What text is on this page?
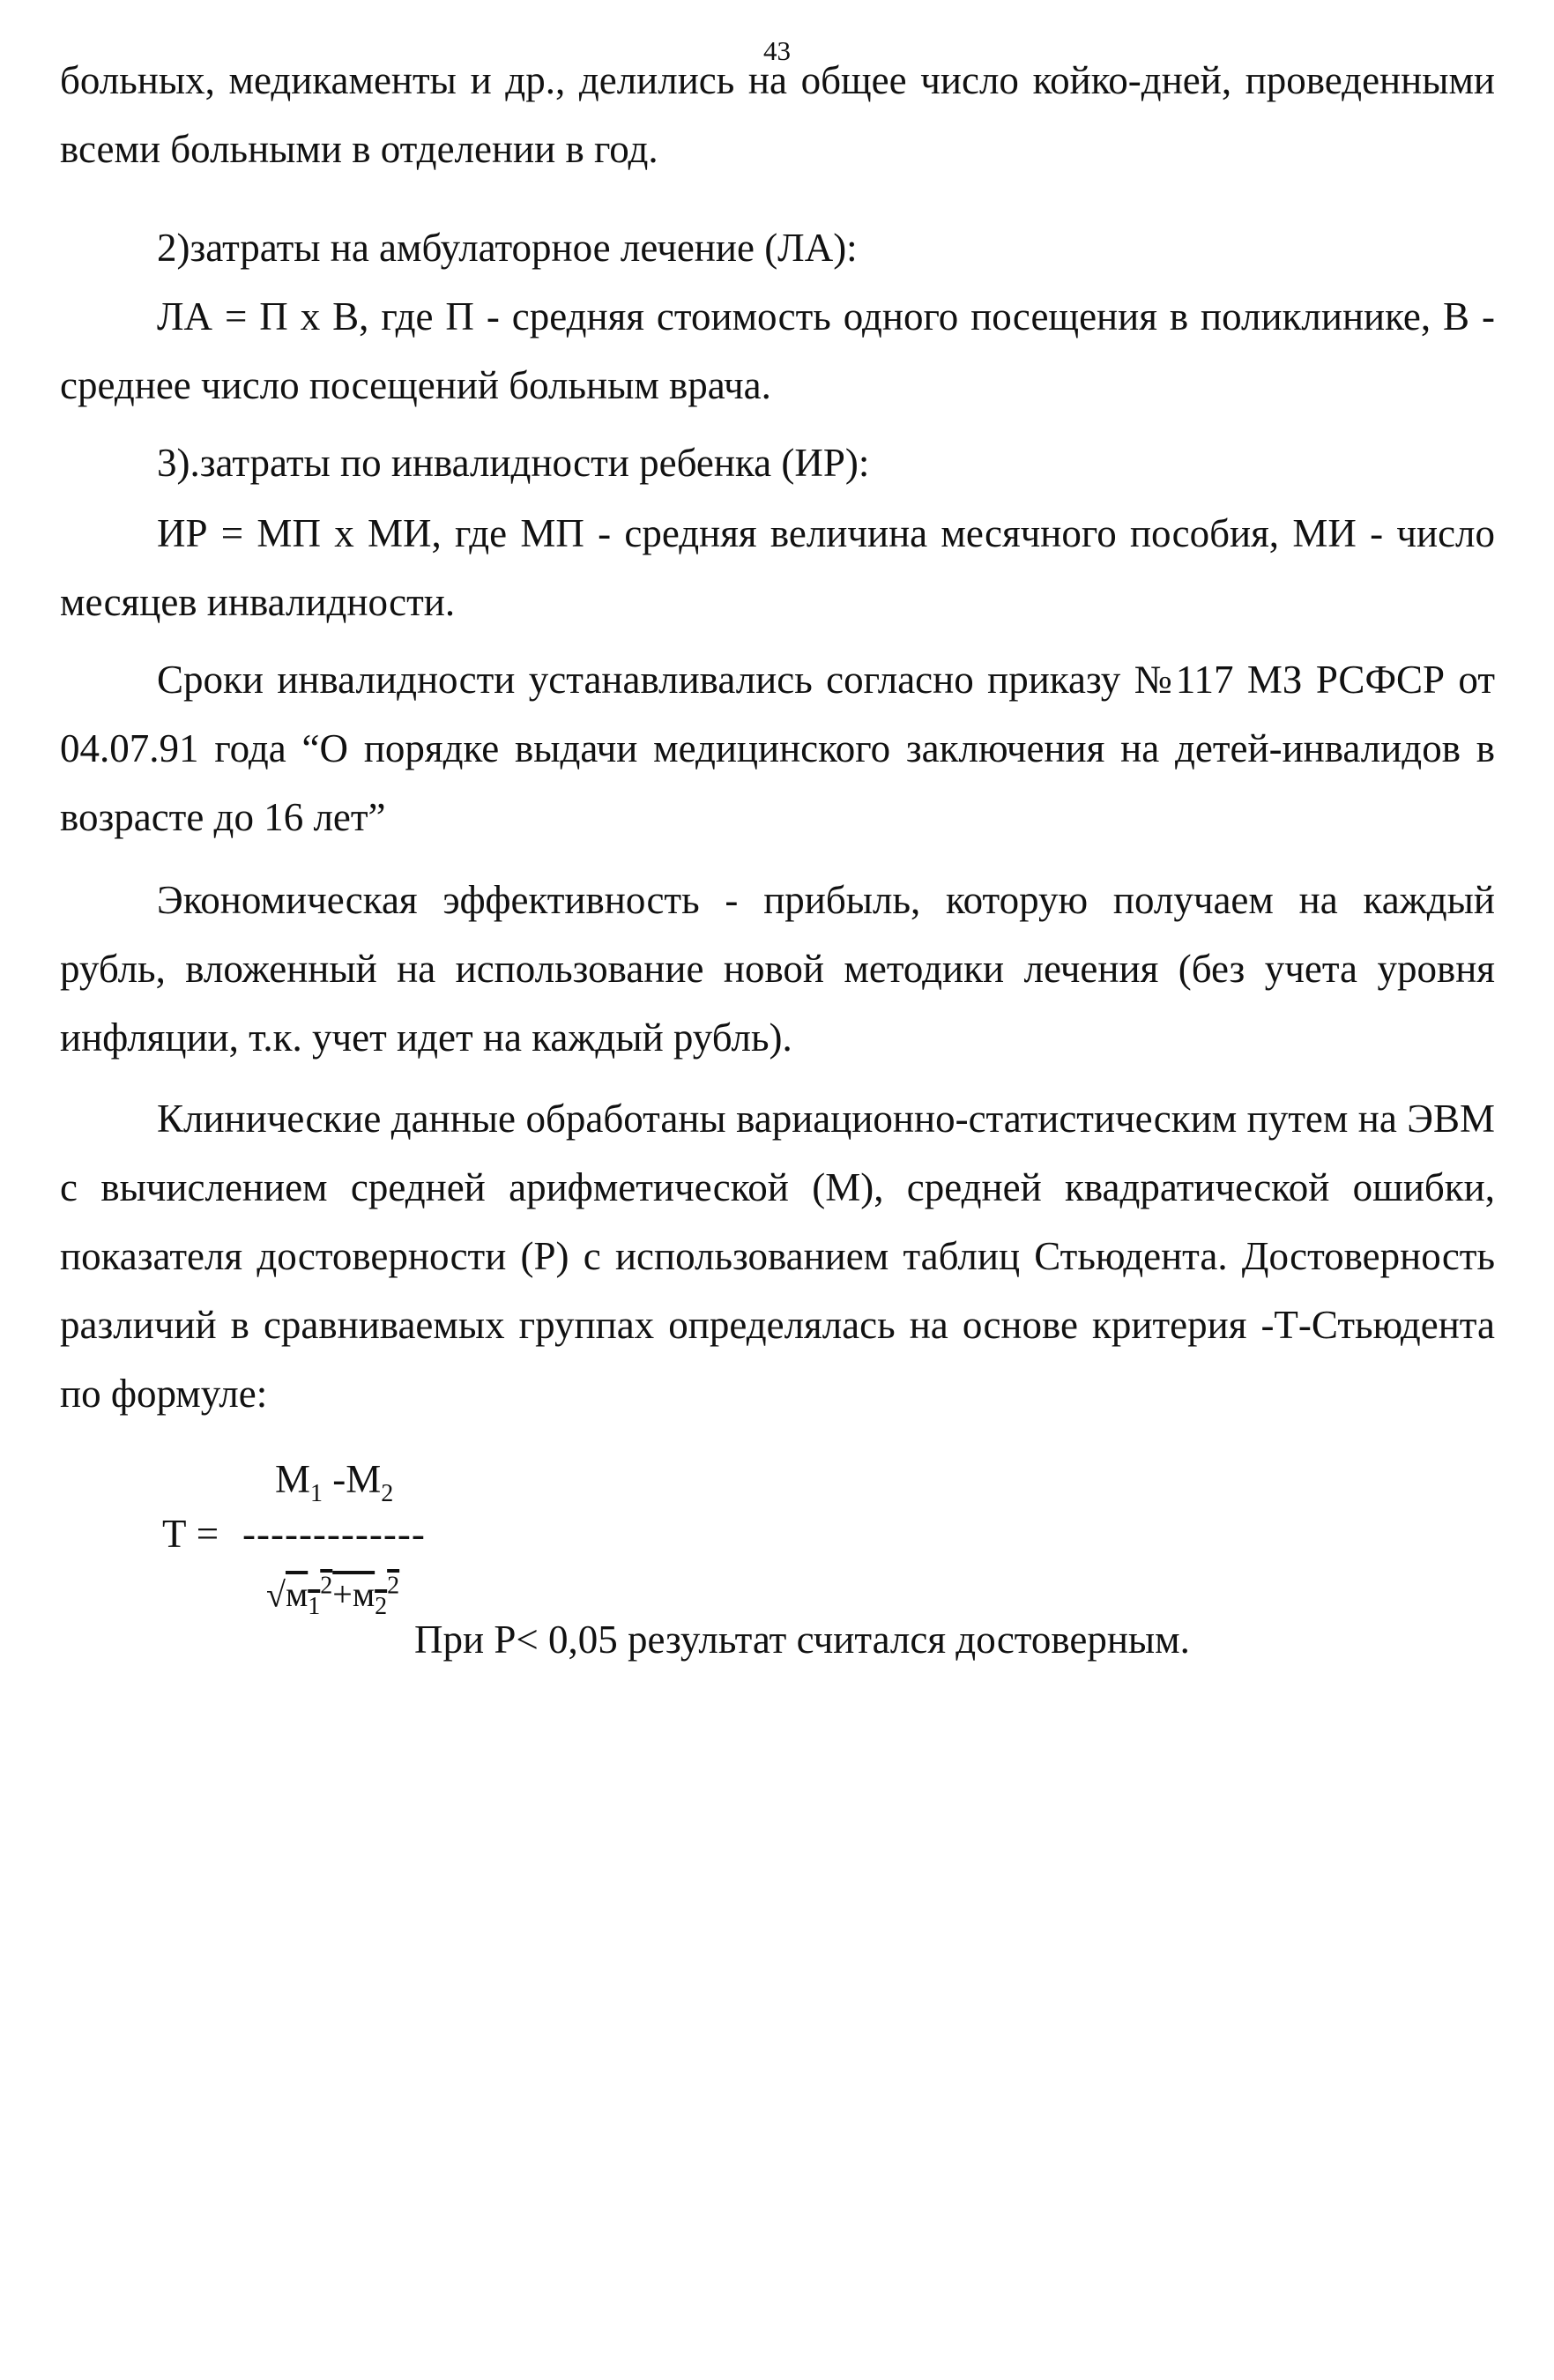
43

больных, медикаменты и др., делились на общее число койко-дней, проведенными всеми больными в отделении в год.

2)затраты на амбулаторное лечение (ЛА):

ЛА = П х В, где П - средняя стоимость одного посещения в поликлинике, В - среднее число посещений больным врача.

3).затраты по инвалидности ребенка (ИР):

ИР = МП х МИ, где МП - средняя величина месячного пособия, МИ - число месяцев инвалидности.

Сроки инвалидности устанавливались согласно приказу №117 МЗ РСФСР от 04.07.91 года “О порядке выдачи медицинского заключения на детей-инвалидов в возрасте до 16 лет”

Экономическая эффективность - прибыль, которую получаем на каждый рубль, вложенный на использование новой методики лечения (без учета уровня инфляции, т.к. учет идет на каждый рубль).

Клинические данные обработаны вариационно-статистическим путем на ЭВМ с вычислением средней арифметической (М), средней квадратической ошибки, показателя достоверности (Р) с использованием таблиц Стьюдента. Достоверность различий в сравниваемых группах определялась на основе критерия -Т-Стьюдента по формуле:

$М_1$ $-М_2$
Т = -------------
$√м_1^2+м_2^2$
При Р< 0,05 результат считался достоверным.
